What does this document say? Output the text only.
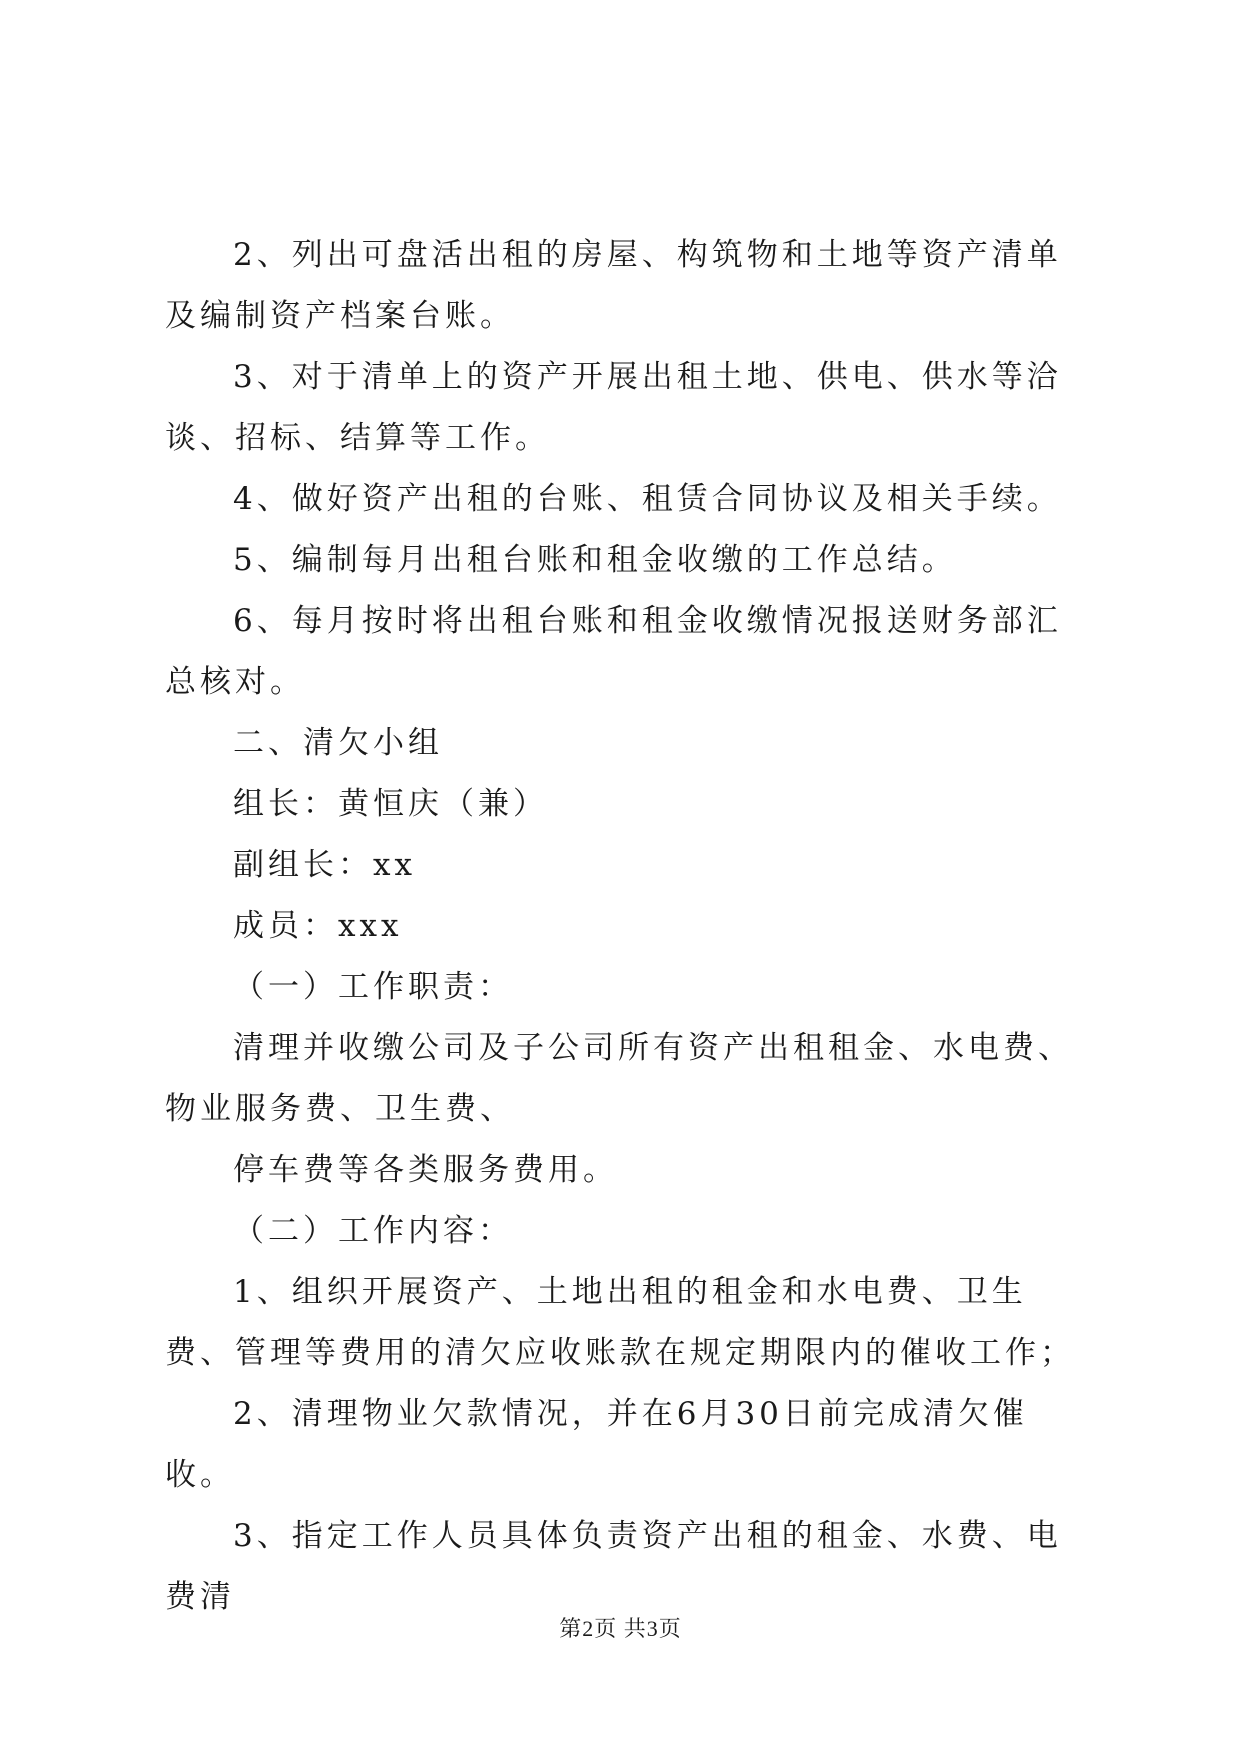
2、列出可盘活出租的房屋、构筑物和土地等资产清单及编制资产档案台账。

3、对于清单上的资产开展出租土地、供电、供水等洽谈、招标、结算等工作。

4、做好资产出租的台账、租赁合同协议及相关手续。

5、编制每月出租台账和租金收缴的工作总结。

6、每月按时将出租台账和租金收缴情况报送财务部汇总核对。

二、清欠小组

组长：黄恒庆（兼）

副组长：xx

成员：xxx

（一）工作职责：

清理并收缴公司及子公司所有资产出租租金、水电费、物业服务费、卫生费、

停车费等各类服务费用。

（二）工作内容：

1、组织开展资产、土地出租的租金和水电费、卫生费、管理等费用的清欠应收账款在规定期限内的催收工作；

2、清理物业欠款情况，并在6月30日前完成清欠催收。

3、指定工作人员具体负责资产出租的租金、水费、电费清

第2页 共3页
